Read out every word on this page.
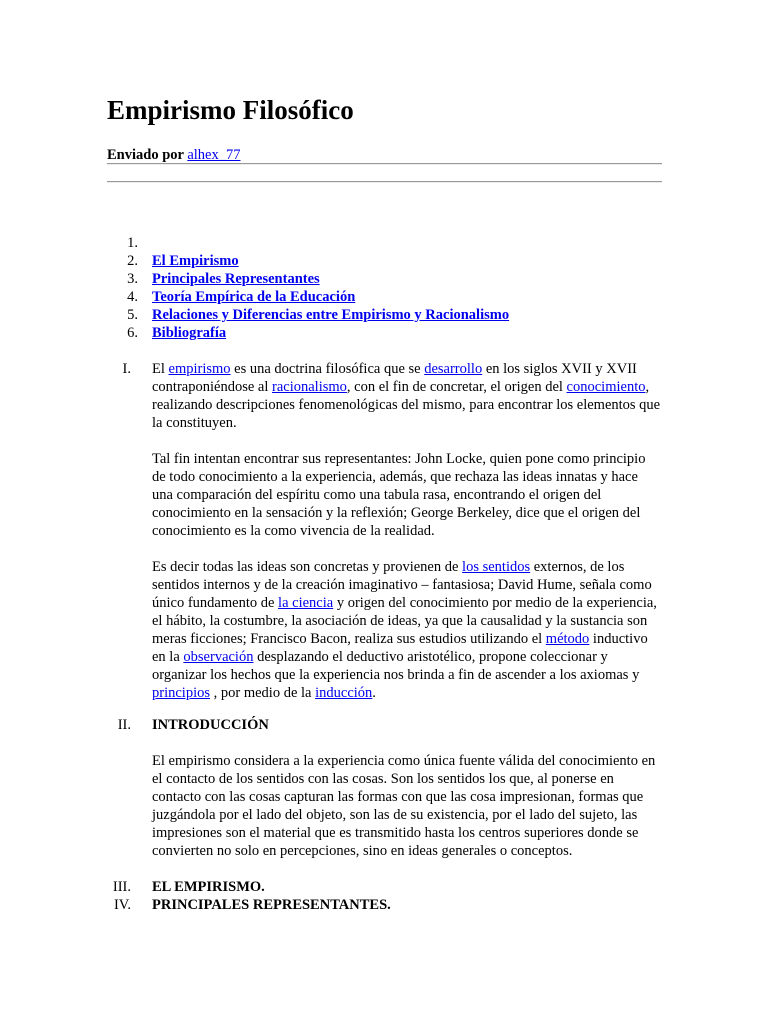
Empirismo Filosófico
Enviado por alhex_77
1.
2. El Empirismo
3. Principales Representantes
4. Teoría Empírica de la Educación
5. Relaciones y Diferencias entre Empirismo y Racionalismo
6. Bibliografía
I. El empirismo es una doctrina filosófica que se desarrollo en los siglos XVII y XVII contraponiéndose al racionalismo, con el fin de concretar, el origen del conocimiento, realizando descripciones fenomenológicas del mismo, para encontrar los elementos que la constituyen.

Tal fin intentan encontrar sus representantes: John Locke, quien pone como principio de todo conocimiento a la experiencia, además, que rechaza las ideas innatas y hace una comparación del espíritu como una tabula rasa, encontrando el origen del conocimiento en la sensación y la reflexión; George Berkeley, dice que el origen del conocimiento es la como vivencia de la realidad.

Es decir todas las ideas son concretas y provienen de los sentidos externos, de los sentidos internos y de la creación imaginativo – fantasiosa; David Hume, señala como único fundamento de la ciencia y origen del conocimiento por medio de la experiencia, el hábito, la costumbre, la asociación de ideas, ya que la causalidad y la sustancia son meras ficciones; Francisco Bacon, realiza sus estudios utilizando el método inductivo en la observación desplazando el deductivo aristotélico, propone coleccionar y organizar los hechos que la experiencia nos brinda a fin de ascender a los axiomas y principios , por medio de la inducción.

II. INTRODUCCIÓN

El empirismo considera a la experiencia como única fuente válida del conocimiento en el contacto de los sentidos con las cosas. Son los sentidos los que, al ponerse en contacto con las cosas capturan las formas con que las cosa impresionan, formas que juzgándola por el lado del objeto, son las de su existencia, por el lado del sujeto, las impresiones son el material que es transmitido hasta los centros superiores donde se convierten no solo en percepciones, sino en ideas generales o conceptos.

III. EL EMPIRISMO.
IV. PRINCIPALES REPRESENTANTES.
